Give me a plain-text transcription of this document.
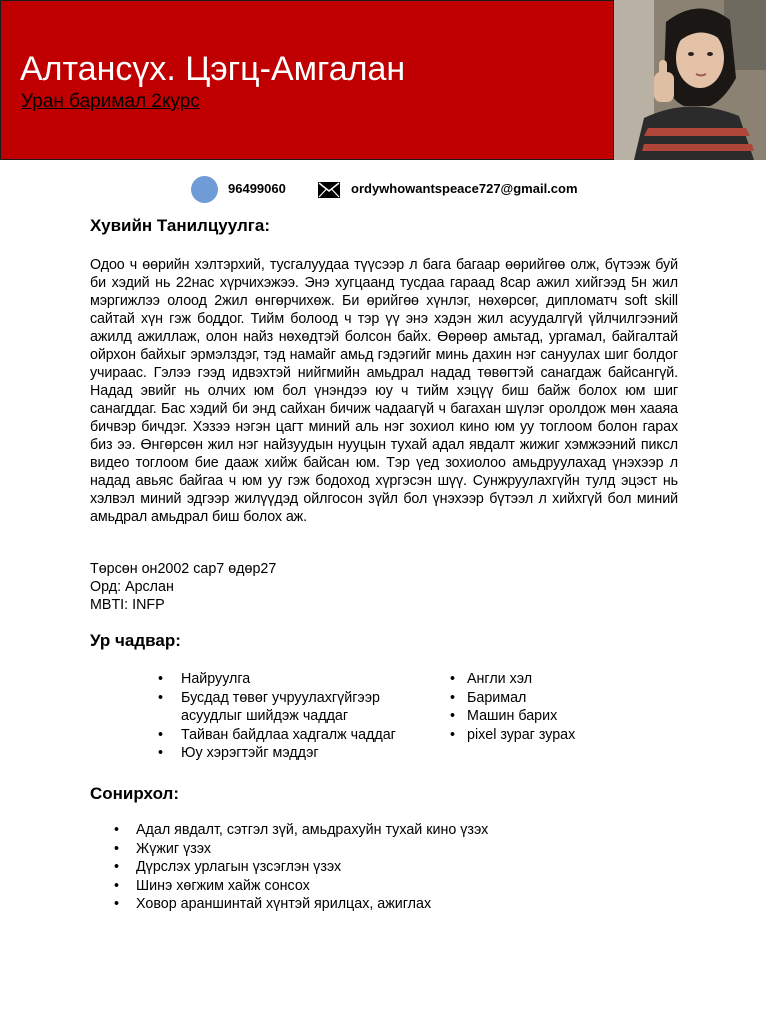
Алтансүх. Цэгц-Амгалан
Уран баримал 2курс
96499060	ordywhowantspeace727@gmail.com
Хувийн Танилцуулга:

Одоо ч өөрийн хэлтэрхий, тусгалуудаа түүсээр л бага багаар өөрийгөө олж, бүтээж буй би хэдий нь 22нас хүрчихэжээ. Энэ хугцаанд тусдаа гараад 8сар ажил хийгээд 5н жил мэргижлээ олоод 2жил өнгөрчихөж. Би өрийгөө хүнлэг, нөхөрсөг, дипломатч soft skill сайтай хүн гэж боддог. Тийм болоод ч тэр үү энэ хэдэн жил асуудалгүй үйлчилгээний ажилд ажиллаж, олон найз нөхөдтэй болсон байх. Өөрөөр амьтад, ургамал, байгалтай ойрхон байхыг эрмэлздэг, тэд намайг амьд гэдэгийг минь дахин нэг сануулах шиг болдог учираас. Гэлээ гээд идвэхтэй нийгмийн амьдрал надад төвөгтэй санагдаж байсангүй. Надад эвийг нь олчих юм бол үнэндээ юу ч тийм хэцүү биш байж болох юм шиг санагддаг. Бас хэдий би энд сайхан бичиж чадаагүй ч багахан шүлэг оролдож мөн хааяа бичвэр бичдэг. Хэзээ нэгэн цагт миний аль нэг зохиол кино юм уу тоглоом болон гарах биз ээ. Өнгөрсөн жил нэг найзуудын нууцын тухай адал явдалт жижиг хэмжээний пиксл видео тоглоом бие дааж хийж байсан юм. Тэр үед зохиолоо амьдруулахад үнэхээр л надад авьяс байгаа ч юм уу гэж бодоход хүргэсэн шүү. Сунжруулахгүйн тулд эцэст нь хэлвэл миний эдгээр жилүүдэд ойлгосон зүйл бол үнэхээр бүтээл л хийхгүй бол миний амьдрал амьдрал биш болох аж.

Төрсөн он2002 сар7 өдөр27
Орд: Арслан
MBTI: INFP
Ур чадвар:
• Найруулга
• Бусдад төвөг учруулахгүйгээр
асуудлыг шийдэж чаддаг
• Тайван байдлаа хадгалж чаддаг
• Юу хэрэгтэйг мэддэг
• Англи хэл
• Баримал
• Машин барих
• pixel зураг зурах
Сонирхол:
• Адал явдалт, сэтгэл зүй, амьдрахуйн тухай кино үзэх
• Жүжиг үзэх
• Дүрслэх урлагын үзсэглэн үзэх
• Шинэ хөгжим хайж сонсох
• Ховор араншинтай хүнтэй ярилцах, ажиглах
